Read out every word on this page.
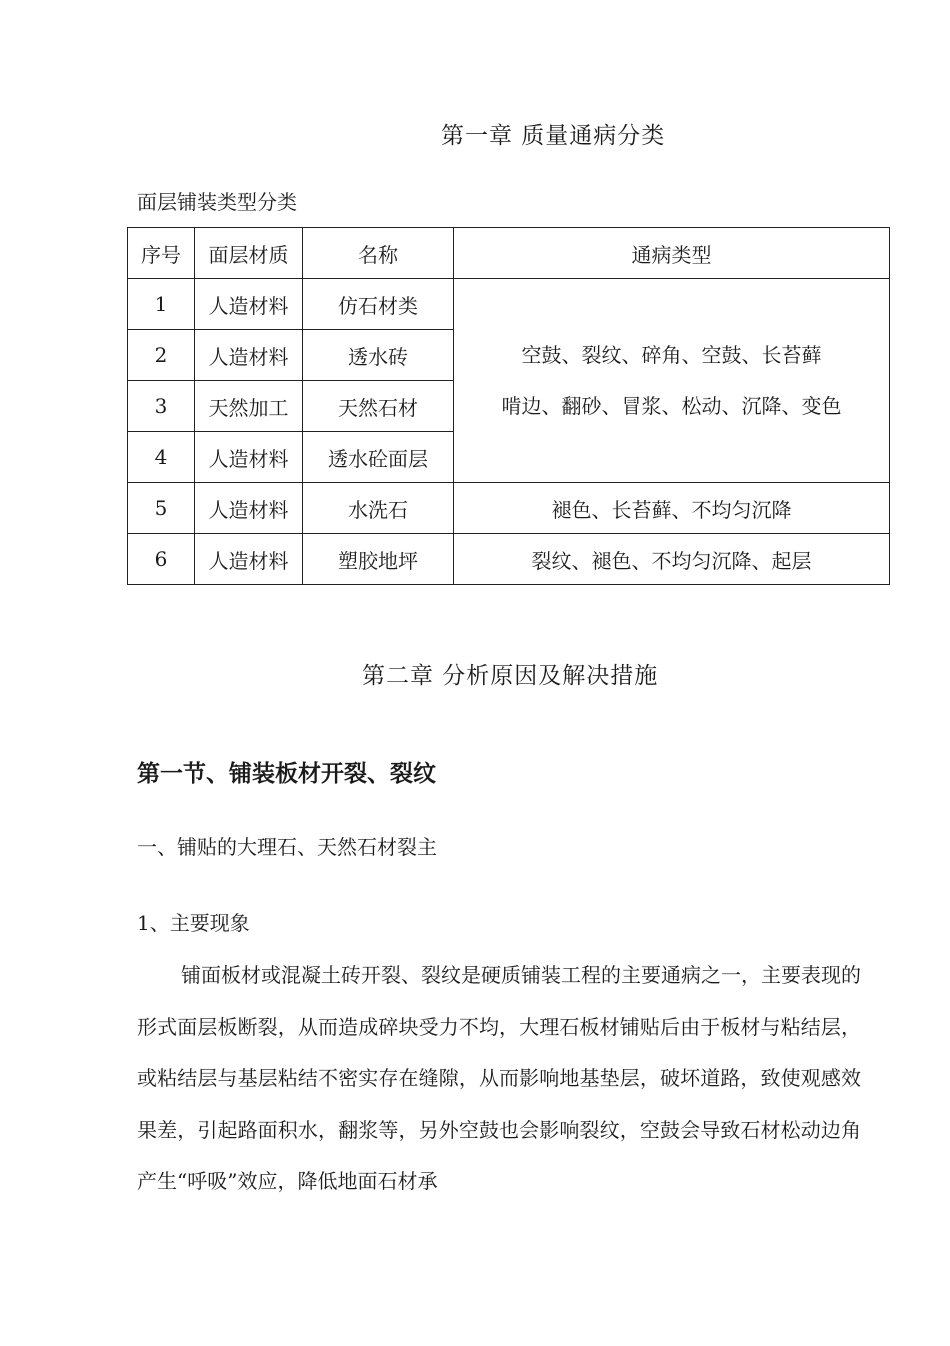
第一章 质量通病分类
面层铺装类型分类
序号	面层材质	名称	通病类型
1	人造材料	仿石材类	空鼓、裂纹、碎角、空鼓、长苔藓
啃边、翻砂、冒浆、松动、沉降、变色

2	人造材料	透水砖	
3	天然加工	天然石材	
4	人造材料	透水砼面层	
5	人造材料	水洗石	褪色、长苔藓、不均匀沉降
6	人造材料	塑胶地坪	裂纹、褪色、不均匀沉降、起层
第二章 分析原因及解决措施
第一节、铺装板材开裂、裂纹
一、铺贴的大理石、天然石材裂主
1、主要现象
铺面板材或混凝土砖开裂、裂纹是硬质铺装工程的主要通病之一，主要表现的形式面层板断裂，从而造成碎块受力不均，大理石板材铺贴后由于板材与粘结层，或粘结层与基层粘结不密实存在缝隙，从而影响地基垫层，破坏道路，致使观感效果差，引起路面积水，翻浆等，另外空鼓也会影响裂纹，空鼓会导致石材松动边角产生“呼吸”效应，降低地面石材承
